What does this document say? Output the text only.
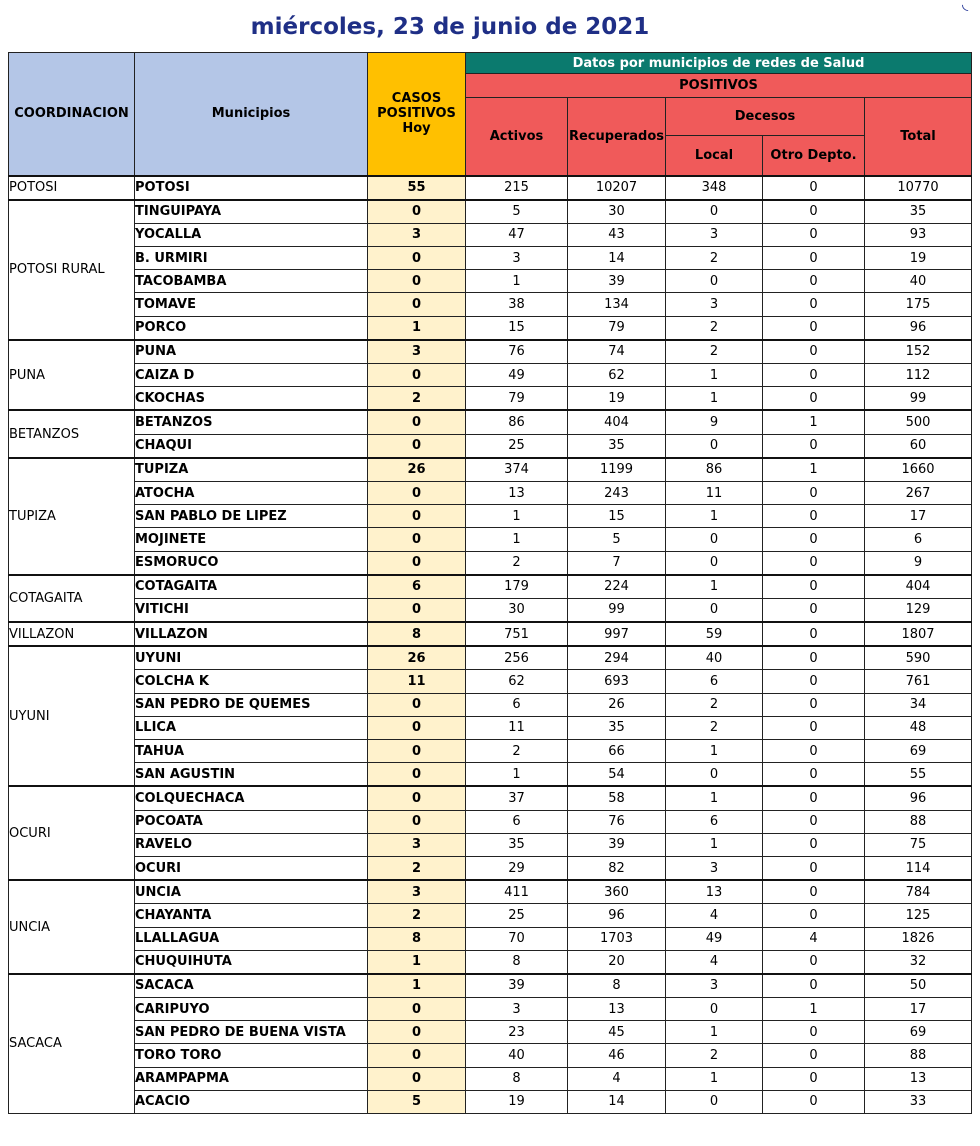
miércoles, 23 de junio de 2021
◟
COORDINACION	Municipios	CASOS POSITIVOS Hoy	Datos por municipios de redes de Salud				
			POSITIVOS				
			Activos	Recuperados	Decesos		Total
					Local	Otro Depto.	
POTOSI	POTOSI	55	215	10207	348	0	10770
POTOSI RURAL	TINGUIPAYA	0	5	30	0	0	35
	YOCALLA	3	47	43	3	0	93
	B. URMIRI	0	3	14	2	0	19
	TACOBAMBA	0	1	39	0	0	40
	TOMAVE	0	38	134	3	0	175
	PORCO	1	15	79	2	0	96
PUNA	PUNA	3	76	74	2	0	152
	CAIZA D	0	49	62	1	0	112
	CKOCHAS	2	79	19	1	0	99
BETANZOS	BETANZOS	0	86	404	9	1	500
	CHAQUI	0	25	35	0	0	60
TUPIZA	TUPIZA	26	374	1199	86	1	1660
	ATOCHA	0	13	243	11	0	267
	SAN PABLO DE LIPEZ	0	1	15	1	0	17
	MOJINETE	0	1	5	0	0	6
	ESMORUCO	0	2	7	0	0	9
COTAGAITA	COTAGAITA	6	179	224	1	0	404
	VITICHI	0	30	99	0	0	129
VILLAZON	VILLAZON	8	751	997	59	0	1807
UYUNI	UYUNI	26	256	294	40	0	590
	COLCHA K	11	62	693	6	0	761
	SAN PEDRO DE QUEMES	0	6	26	2	0	34
	LLICA	0	11	35	2	0	48
	TAHUA	0	2	66	1	0	69
	SAN AGUSTIN	0	1	54	0	0	55
OCURI	COLQUECHACA	0	37	58	1	0	96
	POCOATA	0	6	76	6	0	88
	RAVELO	3	35	39	1	0	75
	OCURI	2	29	82	3	0	114
UNCIA	UNCIA	3	411	360	13	0	784
	CHAYANTA	2	25	96	4	0	125
	LLALLAGUA	8	70	1703	49	4	1826
	CHUQUIHUTA	1	8	20	4	0	32
SACACA	SACACA	1	39	8	3	0	50
	CARIPUYO	0	3	13	0	1	17
	SAN PEDRO DE BUENA VISTA	0	23	45	1	0	69
	TORO TORO	0	40	46	2	0	88
	ARAMPAPMA	0	8	4	1	0	13
	ACACIO	5	19	14	0	0	33
